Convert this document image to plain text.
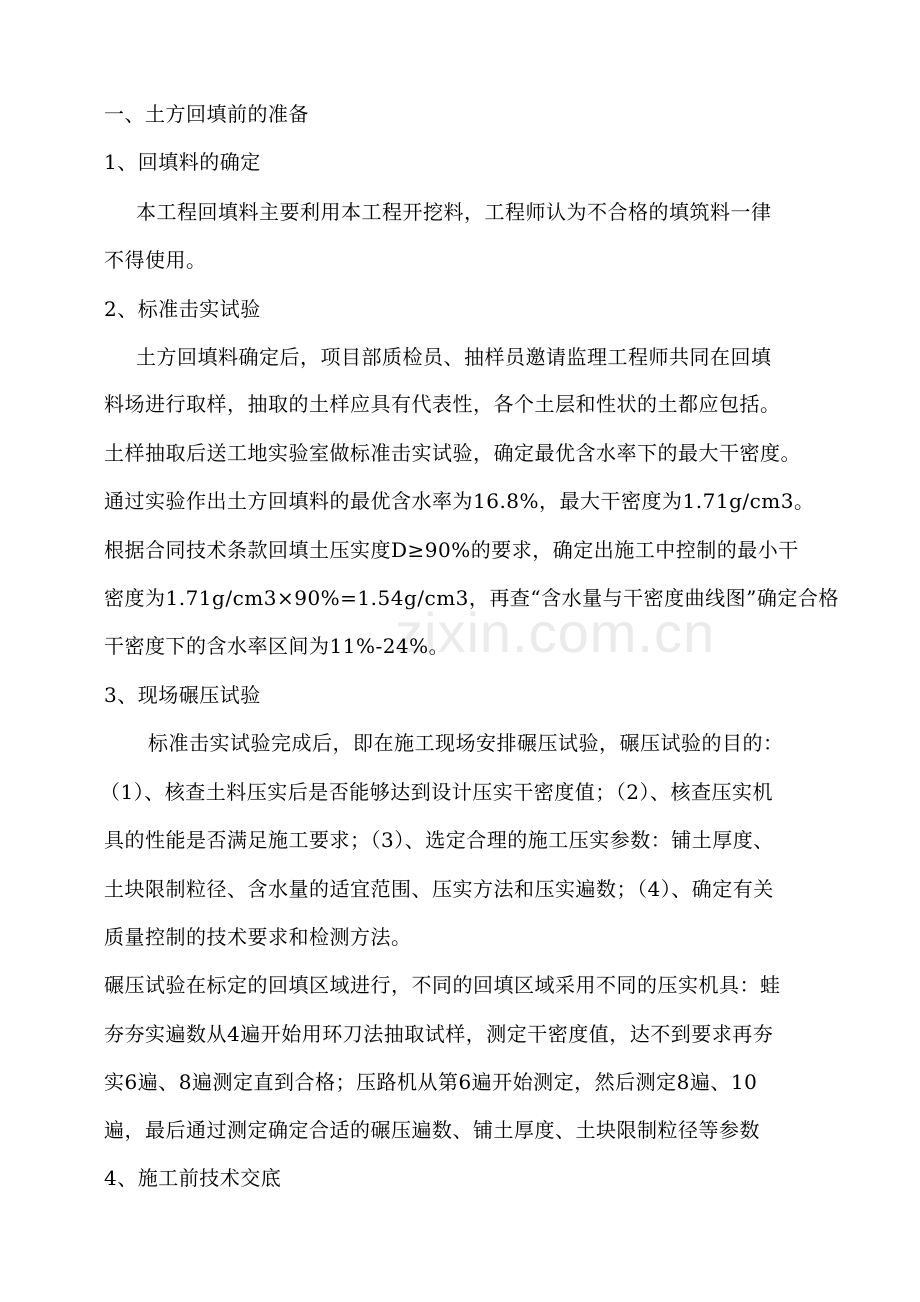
zixin.com.cn
一、土方回填前的准备
1、回填料的确定
本工程回填料主要利用本工程开挖料，工程师认为不合格的填筑料一律
不得使用。
2、标准击实试验
土方回填料确定后，项目部质检员、抽样员邀请监理工程师共同在回填
料场进行取样，抽取的土样应具有代表性，各个土层和性状的土都应包括。
土样抽取后送工地实验室做标准击实试验，确定最优含水率下的最大干密度。
通过实验作出土方回填料的最优含水率为16.8%，最大干密度为1.71g/cm3。
根据合同技术条款回填土压实度D≥90%的要求，确定出施工中控制的最小干
密度为1.71g/cm3×90%=1.54g/cm3，再查“含水量与干密度曲线图”确定合格
干密度下的含水率区间为11%-24%。
3、现场碾压试验
标准击实试验完成后，即在施工现场安排碾压试验，碾压试验的目的：
（1）、核查土料压实后是否能够达到设计压实干密度值；（2）、核查压实机
具的性能是否满足施工要求；（3）、选定合理的施工压实参数：铺土厚度、
土块限制粒径、含水量的适宜范围、压实方法和压实遍数；（4）、确定有关
质量控制的技术要求和检测方法。
碾压试验在标定的回填区域进行，不同的回填区域采用不同的压实机具：蛙
夯夯实遍数从4遍开始用环刀法抽取试样，测定干密度值，达不到要求再夯
实6遍、8遍测定直到合格；压路机从第6遍开始测定，然后测定8遍、10
遍，最后通过测定确定合适的碾压遍数、铺土厚度、土块限制粒径等参数
4、施工前技术交底
